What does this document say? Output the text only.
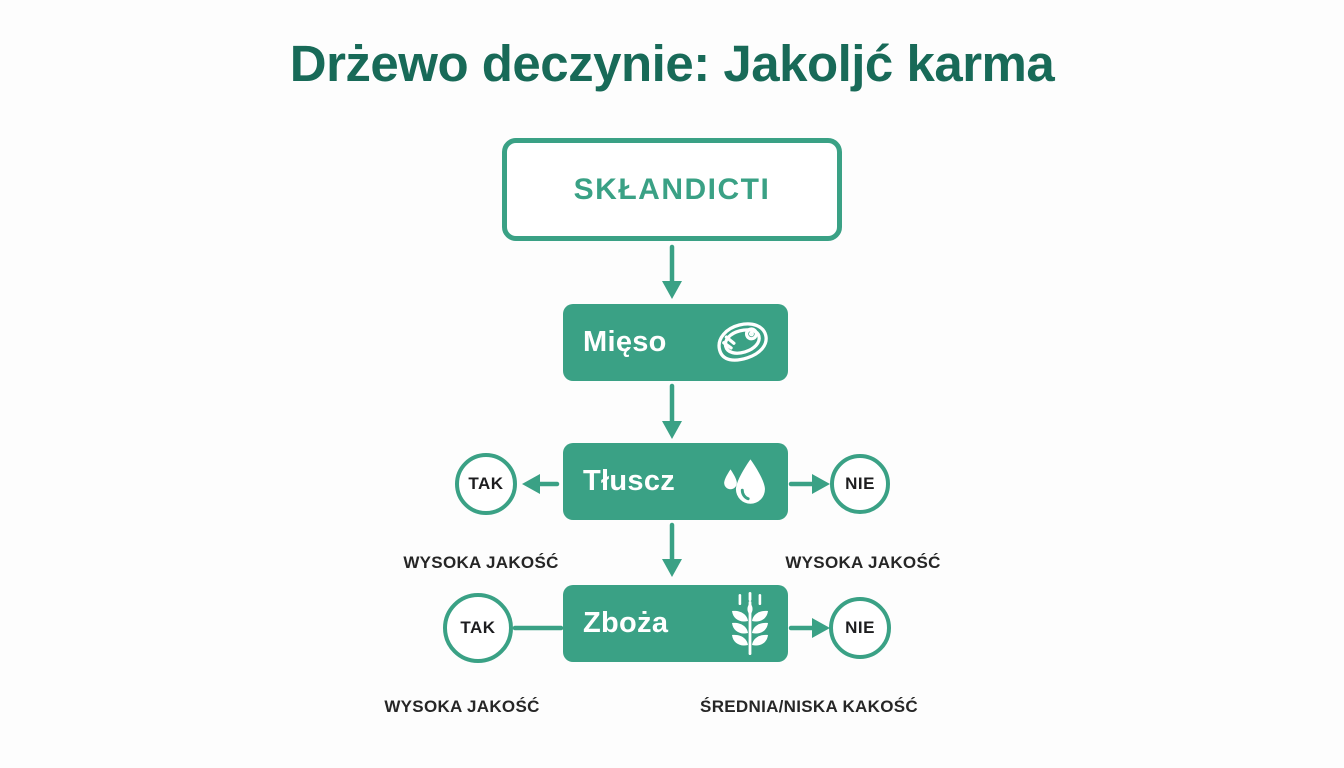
Drżewo deczynie: Jakoljć karma
SKŁANDICTI
Mięso
Tłuscz
Zboża
TAK	NIE
TAK	NIE
WYSOKA JAKOŚĆ	WYSOKA JAKOŚĆ
WYSOKA JAKOŚĆ	ŚREDNIA/NISKA KAKOŚĆ
